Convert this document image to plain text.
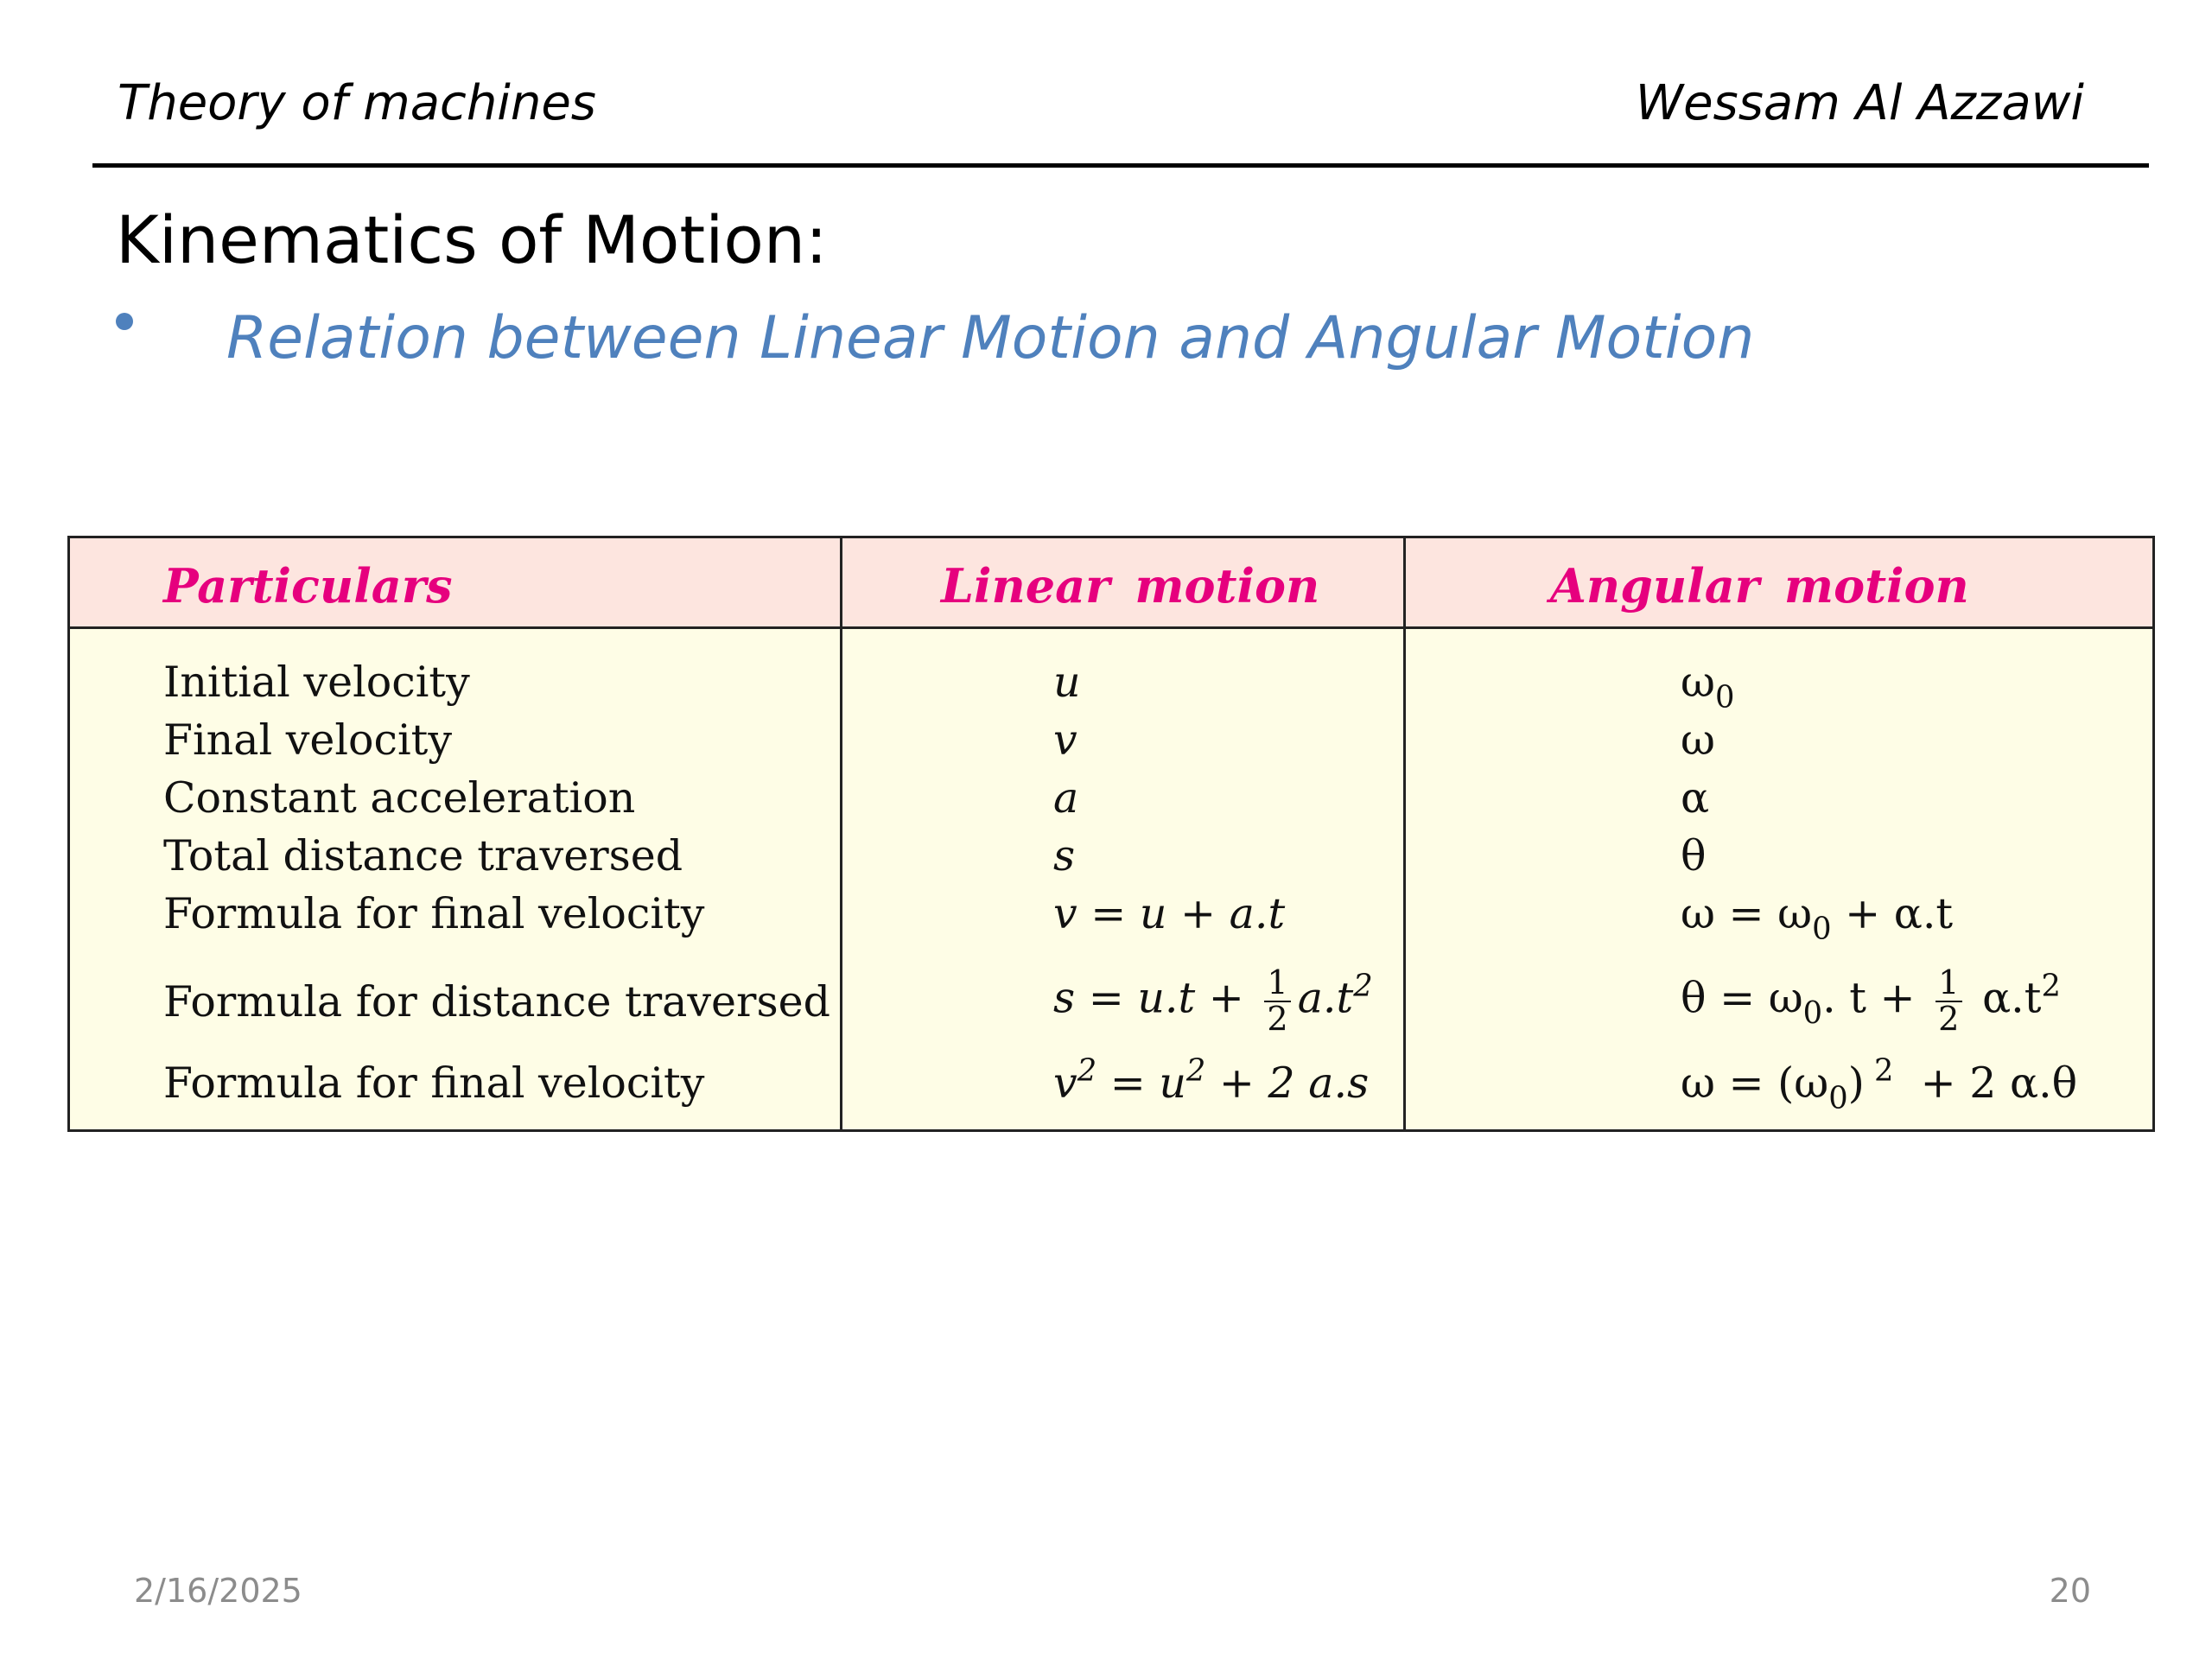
Theory of machines	Wessam Al Azzawi
Kinematics of Motion:
Relation between Linear Motion and Angular Motion
Particulars	Linear motion	Angular motion
Initial velocity	u	$\omega_0$
Final velocity	v	ω
Constant acceleration	a	α
Total distance traversed	s	θ
Formula for final velocity	v = u + a.t	$\omega = \omega_0 + \alpha.t$
Formula for distance traversed	$s = u.t + \frac{1}{2} a.t^2$	$\theta = \omega_0$. $t + \frac{1}{2} \alpha.t^2$
Formula for final velocity	$v^2 = u^2 + 2$ a.s	$\omega = (\omega_0) ^2 + 2$ α.θ
2/16/2025	20
